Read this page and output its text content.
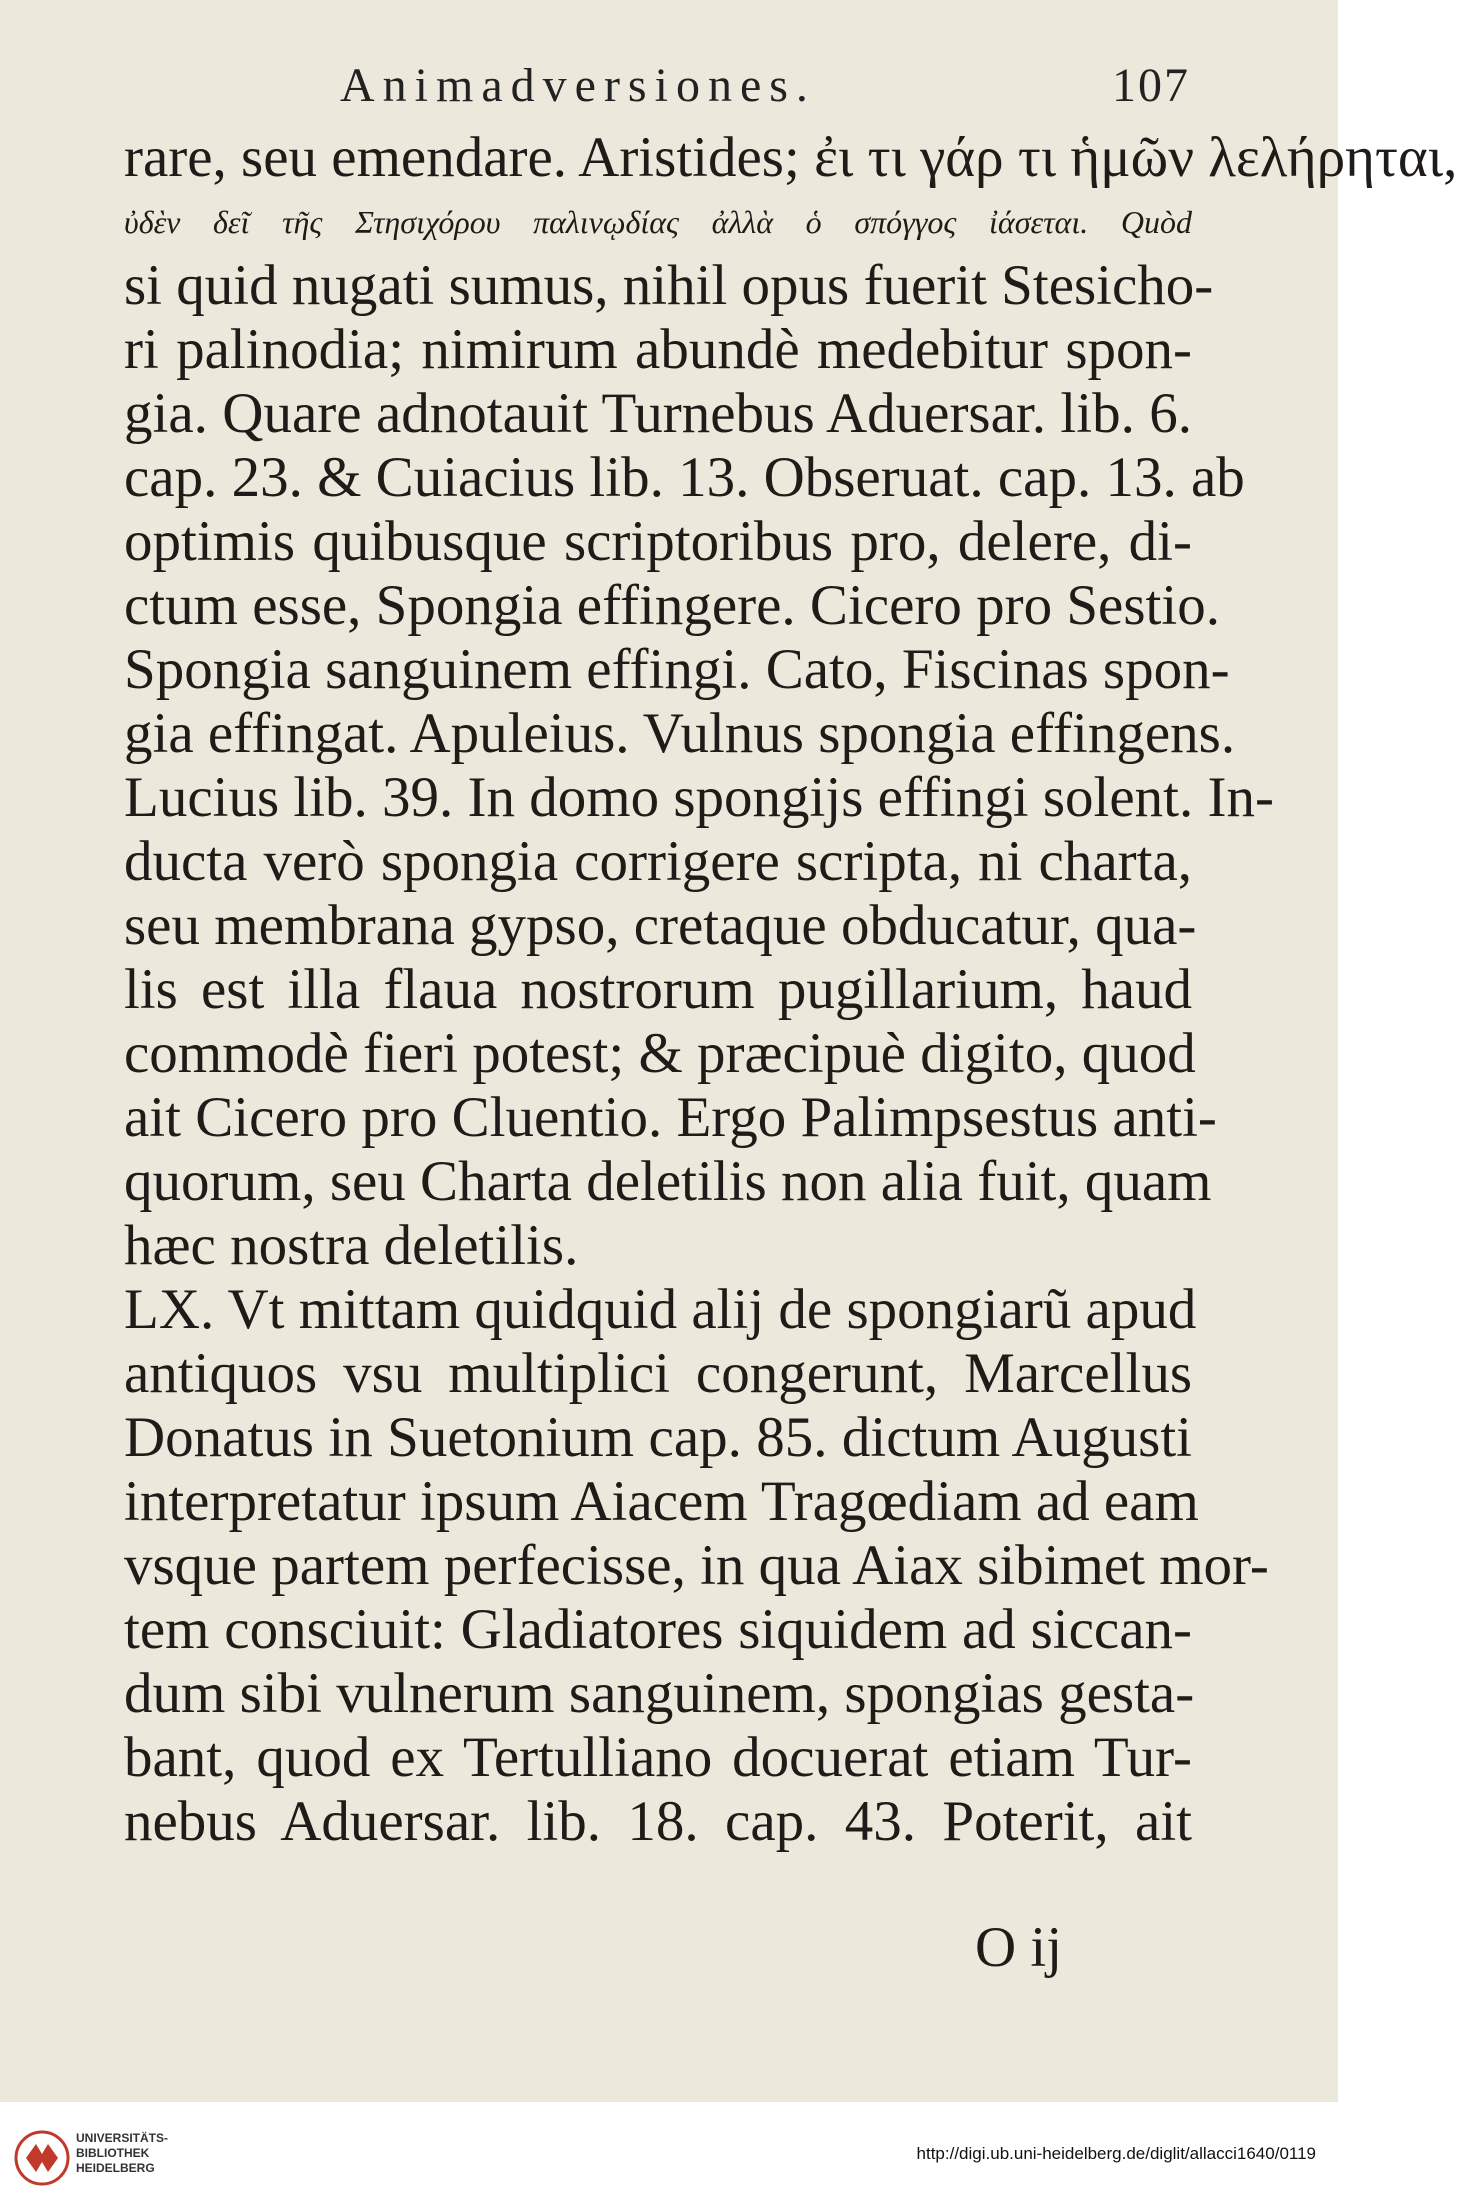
Animadversiones.	107
rare, seu emendare. Aristides; ἐι τι γάρ τι ἡμῶν λελήρηται,
ὐδὲν δεῖ τῆς Στησιχόρου παλινῳδίας ἀλλὰ ὁ σπόγγος ἰάσεται. Quòd
si quid nugati sumus, nihil opus fuerit Stesicho-
ri palinodia; nimirum abundè medebitur spon-
gia. Quare adnotauit Turnebus Aduersar. lib. 6.
cap. 23. & Cuiacius lib. 13. Obseruat. cap. 13. ab
optimis quibusque scriptoribus pro, delere, di-
ctum esse, Spongia effingere. Cicero pro Sestio.
Spongia sanguinem effingi. Cato, Fiscinas spon-
gia effingat. Apuleius. Vulnus spongia effingens.
Lucius lib. 39. In domo spongijs effingi solent. In-
ducta verò spongia corrigere scripta, ni charta,
seu membrana gypso, cretaque obducatur, qua-
lis est illa flaua nostrorum pugillarium, haud
commodè fieri potest; & præcipuè digito, quod
ait Cicero pro Cluentio. Ergo Palimpsestus anti-
quorum, seu Charta deletilis non alia fuit, quam
hæc nostra deletilis.
LX. Vt mittam quidquid alij de spongiarũ apud
antiquos vsu multiplici congerunt, Marcellus
Donatus in Suetonium cap. 85. dictum Augusti
interpretatur ipsum Aiacem Tragœdiam ad eam
vsque partem perfecisse, in qua Aiax sibimet mor-
tem consciuit: Gladiatores siquidem ad siccan-
dum sibi vulnerum sanguinem, spongias gesta-
bant, quod ex Tertulliano docuerat etiam Tur-
nebus Aduersar. lib. 18. cap. 43. Poterit, ait
O ij
UNIVERSITÄTS-
BIBLIOTHEK
HEIDELBERG
http://digi.ub.uni-heidelberg.de/diglit/allacci1640/0119
